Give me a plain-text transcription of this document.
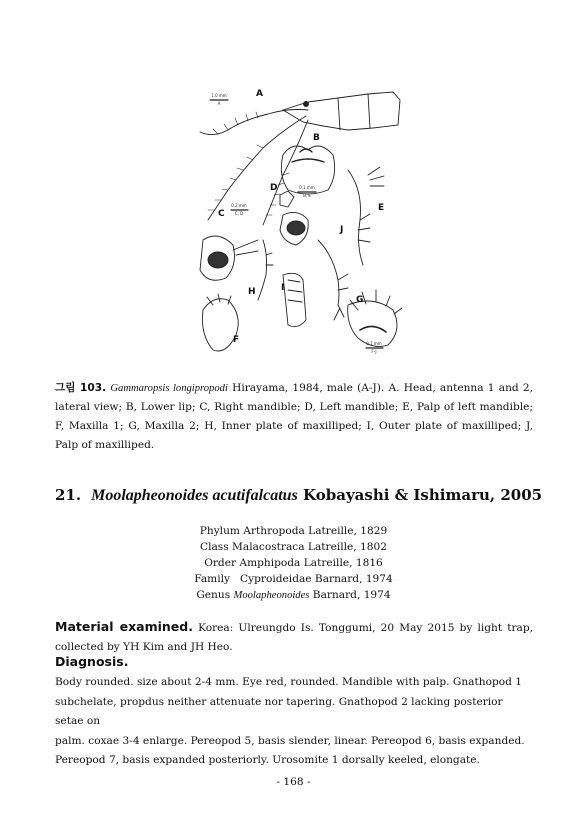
1.0 mm
A
0.2 mm
C, D
0.1 mm
B, E
0.1 mm
F-J
A
B
C
D
E
F
G
H	I
J
그림 103. Gammaropsis longipropodi Hirayama, 1984, male (A-J). A. Head, antenna 1 and 2, lateral view; B, Lower lip; C, Right mandible; D, Left mandible; E, Palp of left mandible; F, Maxilla 1; G, Maxilla 2; H, Inner plate of maxilliped; I, Outer plate of maxilliped; J, Palp of maxilliped.
21. Moolapheonoides acutifalcatus Kobayashi & Ishimaru, 2005
Phylum Arthropoda Latreille, 1829
Class Malacostraca Latreille, 1802
Order Amphipoda Latreille, 1816
Family   Cyproideidae Barnard, 1974
Genus Moolapheonoides Barnard, 1974
Material examined. Korea: Ulreungdo Is. Tonggumi, 20 May 2015 by light trap, collected by YH Kim and JH Heo.
Diagnosis.
Body rounded. size about 2-4 mm. Eye red, rounded. Mandible with palp. Gnathopod 1
subchelate, propdus neither attenuate nor tapering. Gnathopod 2 lacking posterior setae on
palm. coxae 3-4 enlarge. Pereopod 5, basis slender, linear. Pereopod 6, basis expanded.
Pereopod 7, basis expanded posteriorly. Urosomite 1 dorsally keeled, elongate.
- 168 -
